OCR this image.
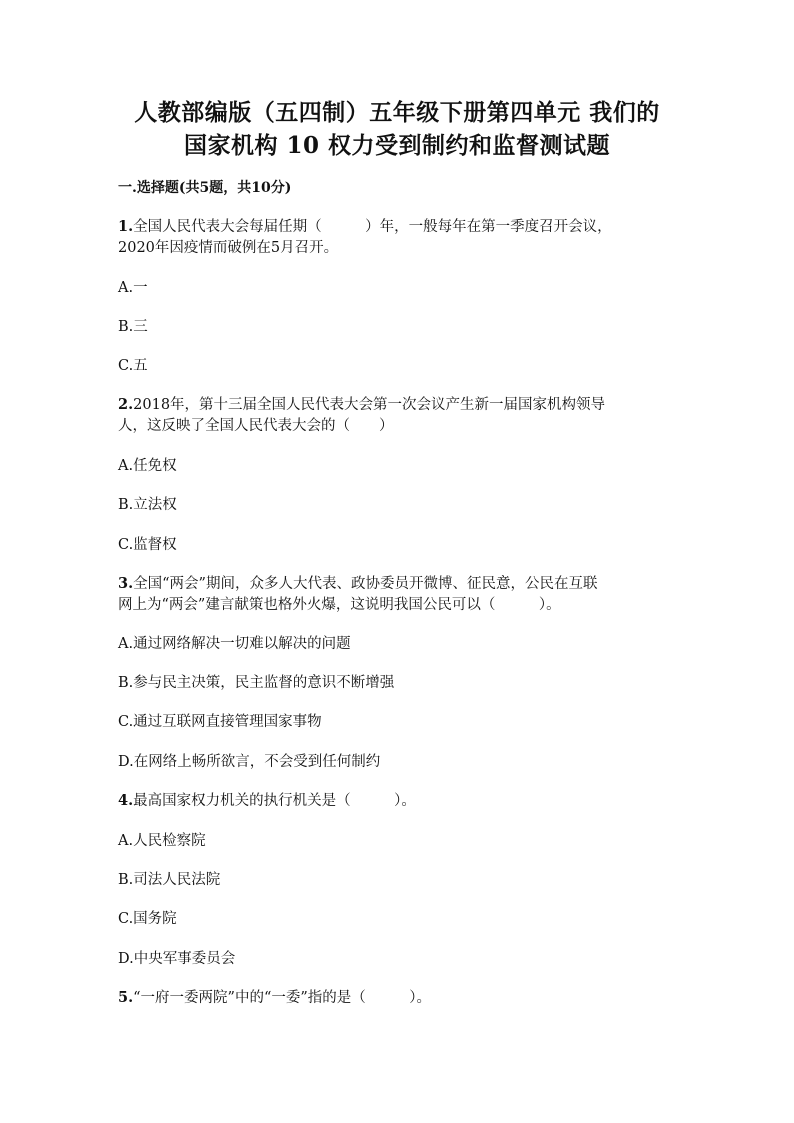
人教部编版（五四制）五年级下册第四单元 我们的
国家机构 10 权力受到制约和监督测试题
一.选择题(共5题，共10分)
1.全国人民代表大会每届任期（　　　）年，一般每年在第一季度召开会议，
2020年因疫情而破例在5月召开。
A.一
B.三
C.五
2.2018年，第十三届全国人民代表大会第一次会议产生新一届国家机构领导
人，这反映了全国人民代表大会的（　　）
A.任免权
B.立法权
C.监督权
3.全国“两会”期间，众多人大代表、政协委员开微博、征民意，公民在互联
网上为“两会”建言献策也格外火爆，这说明我国公民可以（　　　）。
A.通过网络解决一切难以解决的问题
B.参与民主决策，民主监督的意识不断增强
C.通过互联网直接管理国家事物
D.在网络上畅所欲言，不会受到任何制约
4.最高国家权力机关的执行机关是（　　　）。
A.人民检察院
B.司法人民法院
C.国务院
D.中央军事委员会
5.“一府一委两院”中的“一委”指的是（　　　）。
